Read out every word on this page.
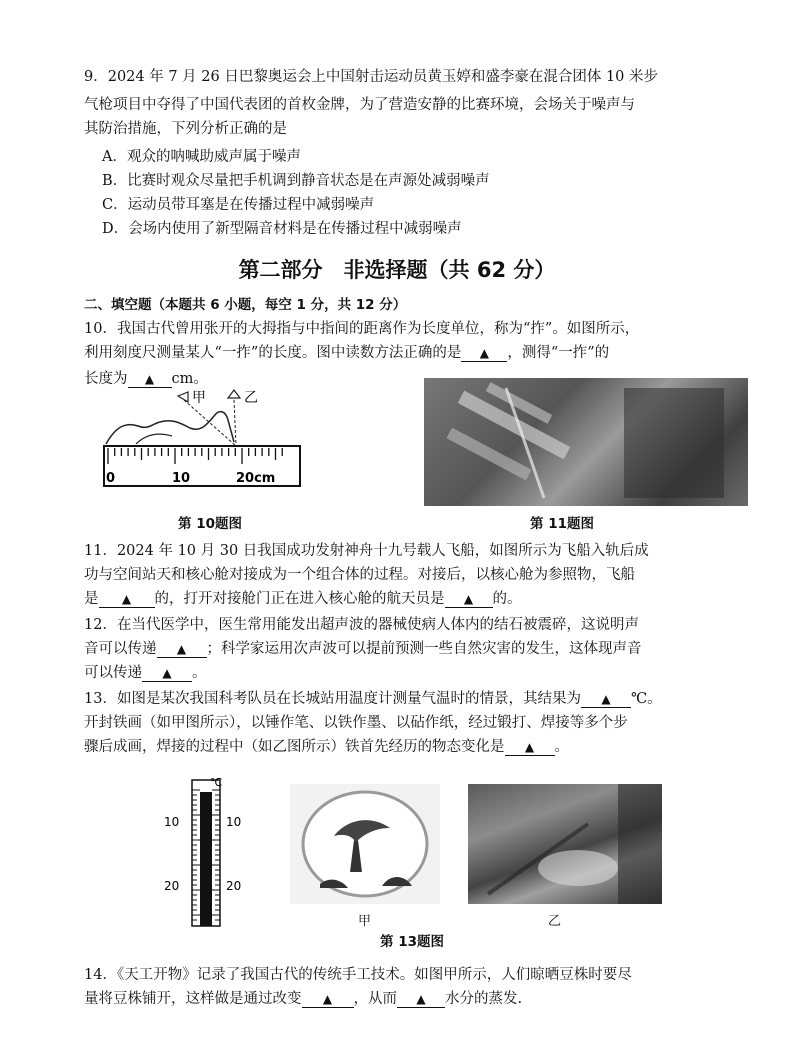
9．2024 年 7 月 26 日巴黎奥运会上中国射击运动员黄玉婷和盛李豪在混合团体 10 米步
气枪项目中夺得了中国代表团的首枚金牌，为了营造安静的比赛环境，会场关于噪声与
其防治措施，下列分析正确的是
A．观众的呐喊助威声属于噪声
B．比赛时观众尽量把手机调到静音状态是在声源处减弱噪声
C．运动员带耳塞是在传播过程中减弱噪声
D．会场内使用了新型隔音材料是在传播过程中减弱噪声
第二部分　非选择题（共 62 分）
二、填空题（本题共 6 小题，每空 1 分，共 12 分）
10．我国古代曾用张开的大拇指与中指间的距离作为长度单位，称为“拃”。如图所示，
利用刻度尺测量某人“一拃”的长度。图中读数方法正确的是 ▲ ，测得“一拃”的
长度为 ▲ cm。
甲	乙
0	10	20cm
第 10题图	第 11题图
11．2024 年 10 月 30 日我国成功发射神舟十九号载人飞船，如图所示为飞船入轨后成
功与空间站天和核心舱对接成为一个组合体的过程。对接后，以核心舱为参照物，飞船
是 ▲ 的，打开对接舱门正在进入核心舱的航天员是 ▲ 的。
12．在当代医学中，医生常用能发出超声波的器械使病人体内的结石被震碎，这说明声
音可以传递 ▲ ；科学家运用次声波可以提前预测一些自然灾害的发生，这体现声音
可以传递 ▲ 。
13．如图是某次我国科考队员在长城站用温度计测量气温时的情景，其结果为 ▲ ℃。
开封铁画（如甲图所示），以锤作笔、以铁作墨、以砧作纸，经过锻打、焊接等多个步
骤后成画，焊接的过程中（如乙图所示）铁首先经历的物态变化是 ▲ 。
℃
10	10
20	20
甲	乙
第 13题图
14．《天工开物》记录了我国古代的传统手工技术。如图甲所示，人们晾晒豆株时要尽
量将豆株铺开，这样做是通过改变 ▲ ，从而 ▲ 水分的蒸发.
